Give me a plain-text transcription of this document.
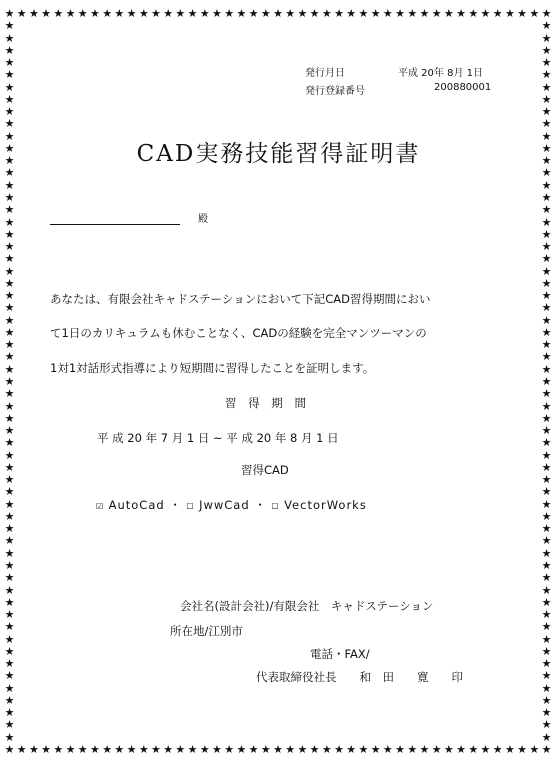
★
★
★
★
★
★
★
★
★
★
★
★
★
★
★
★
★
★
★
★
★
★
★
★
★
★
★
★
★
★
★
★
★
★
★
★
★
★
★
★
★
★
★
★
★
★
★
★
★
★
★
★
★
★
★
★
★
★
★
★
★
★
★
★
★
★
★
★
★
★
★
★
★
★
★
★
★
★
★
★
★
★
★
★
★
★
★
★
★
★
★	★
★	★
★	★
★	★
★	★
★	★
★	★
★	★
★	★
★	★
★	★
★	★
★	★
★	★
★	★
★	★
★	★
★	★
★	★
★	★
★	★
★	★
★	★
★	★
★	★
★	★
★	★
★	★
★	★
★	★
★	★
★	★
★	★
★	★
★	★
★	★
★	★
★	★
★	★
★	★
★	★
★	★
★	★
★	★
★	★
★	★
★	★
★	★
★	★
★	★
★	★
★	★
★	★
★	★
★	★
★	★
★	★
★	★
★	★
発行月日	平成 20年 8月 1日
発行登録番号	200880001
CAD実務技能習得証明書
殿
あなたは、有限会社キャドステーションにおいて下記CAD習得期間におい
て1日のカリキュラムも休むことなく、CADの経験を完全マンツーマンの
1対1対話形式指導により短期間に習得したことを証明します。
習 得 期 間
平 成 20 年 7 月 1 日 ~ 平 成 20 年 8 月 1 日
習得CAD
☑ AutoCad ・ ☐ JwwCad ・ ☐ VectorWorks
会社名(設計会社)/有限会社　キャドステーション
所在地/江別市
電話・FAX/
代表取締役社長　　和　田　　寛　　印
